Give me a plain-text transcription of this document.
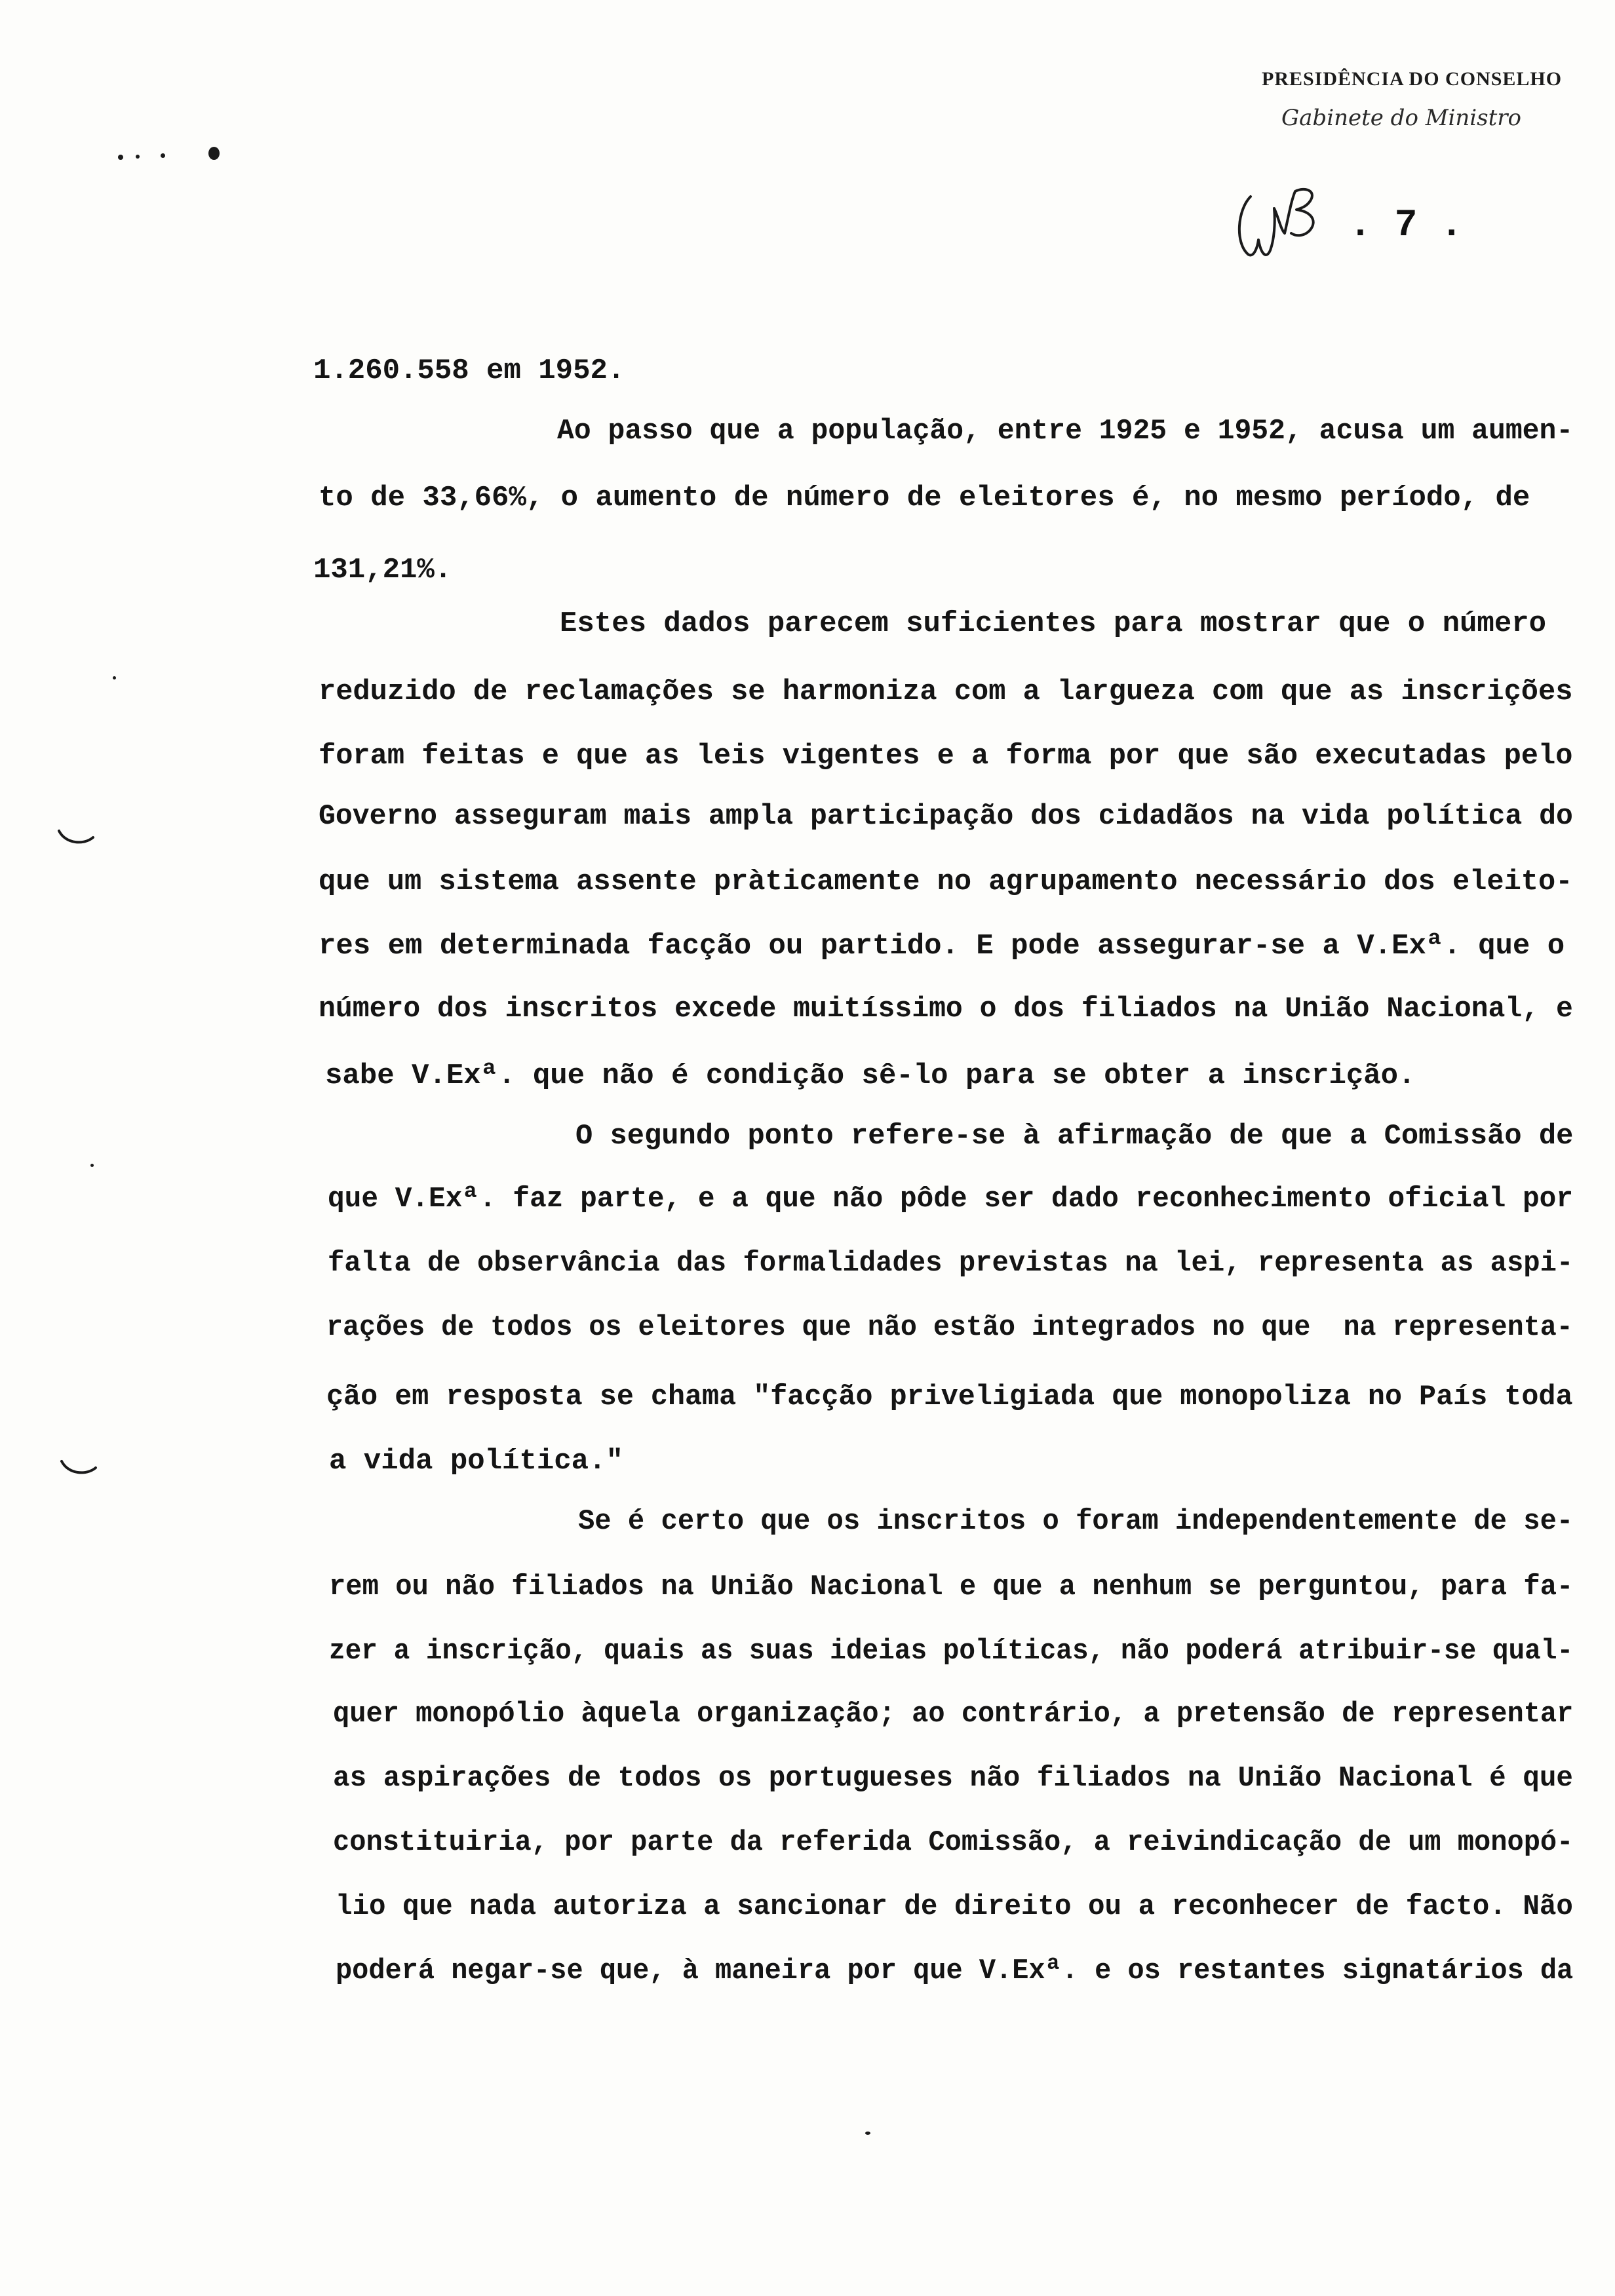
PRESIDÊNCIA DO CONSELHO
Gabinete do Ministro
. 7 .
1.260.558 em 1952.
Ao passo que a população, entre 1925 e 1952, acusa um aumen-
to de 33,66%, o aumento de número de eleitores é, no mesmo período, de
131,21%.
Estes dados parecem suficientes para mostrar que o número
reduzido de reclamações se harmoniza com a largueza com que as inscrições
foram feitas e que as leis vigentes e a forma por que são executadas pelo
Governo asseguram mais ampla participação dos cidadãos na vida política do
que um sistema assente pràticamente no agrupamento necessário dos eleito-
res em determinada facção ou partido. E pode assegurar-se a V.Exª. que o
número dos inscritos excede muitíssimo o dos filiados na União Nacional, e
sabe V.Exª. que não é condição sê-lo para se obter a inscrição.
O segundo ponto refere-se à afirmação de que a Comissão de
que V.Exª. faz parte, e a que não pôde ser dado reconhecimento oficial por
falta de observância das formalidades previstas na lei, representa as aspi-
rações de todos os eleitores que não estão integrados no que  na representa-
ção em resposta se chama "facção priveligiada que monopoliza no País toda
a vida política."
Se é certo que os inscritos o foram independentemente de se-
rem ou não filiados na União Nacional e que a nenhum se perguntou, para fa-
zer a inscrição, quais as suas ideias políticas, não poderá atribuir-se qual-
quer monopólio àquela organização; ao contrário, a pretensão de representar
as aspirações de todos os portugueses não filiados na União Nacional é que
constituiria, por parte da referida Comissão, a reivindicação de um monopó-
lio que nada autoriza a sancionar de direito ou a reconhecer de facto. Não
poderá negar-se que, à maneira por que V.Exª. e os restantes signatários da
